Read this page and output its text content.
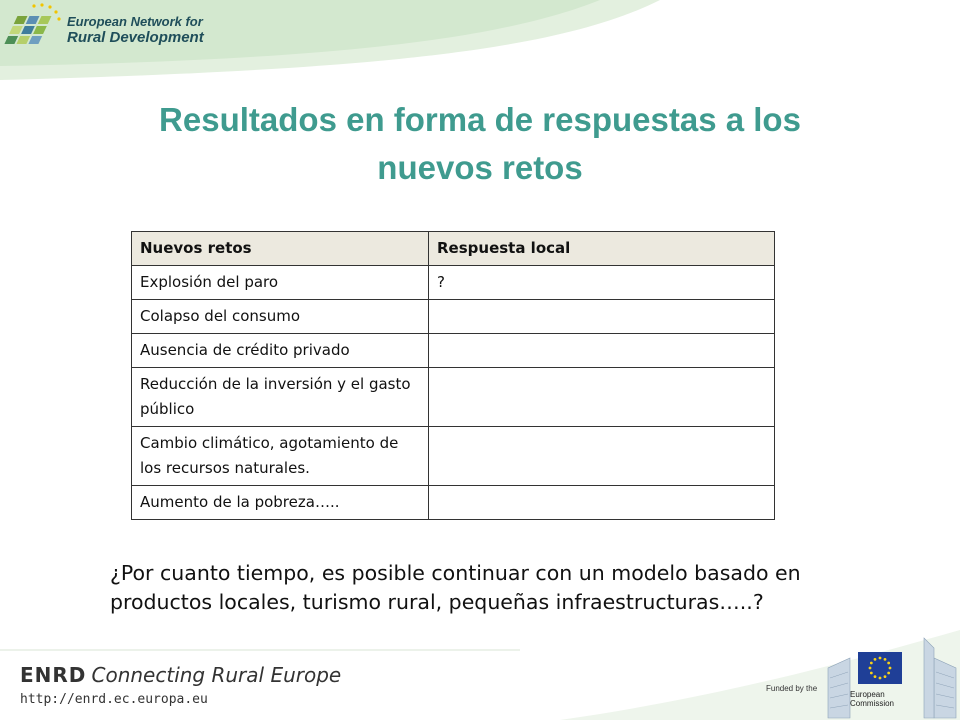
European Network for
Rural Development
Resultados en forma de respuestas a los
nuevos retos
Nuevos retos	Respuesta local
Explosión del paro	?
Colapso del consumo	
Ausencia de crédito privado	
Reducción de la inversión y el gasto público	
Cambio climático, agotamiento de los recursos naturales.	
Aumento de la pobreza…..	
¿Por cuanto tiempo, es posible continuar con un modelo basado en productos locales, turismo rural, pequeñas infraestructuras…..?
ENRD Connecting Rural Europe
http://enrd.ec.europa.eu
Funded by the
European
Commission
